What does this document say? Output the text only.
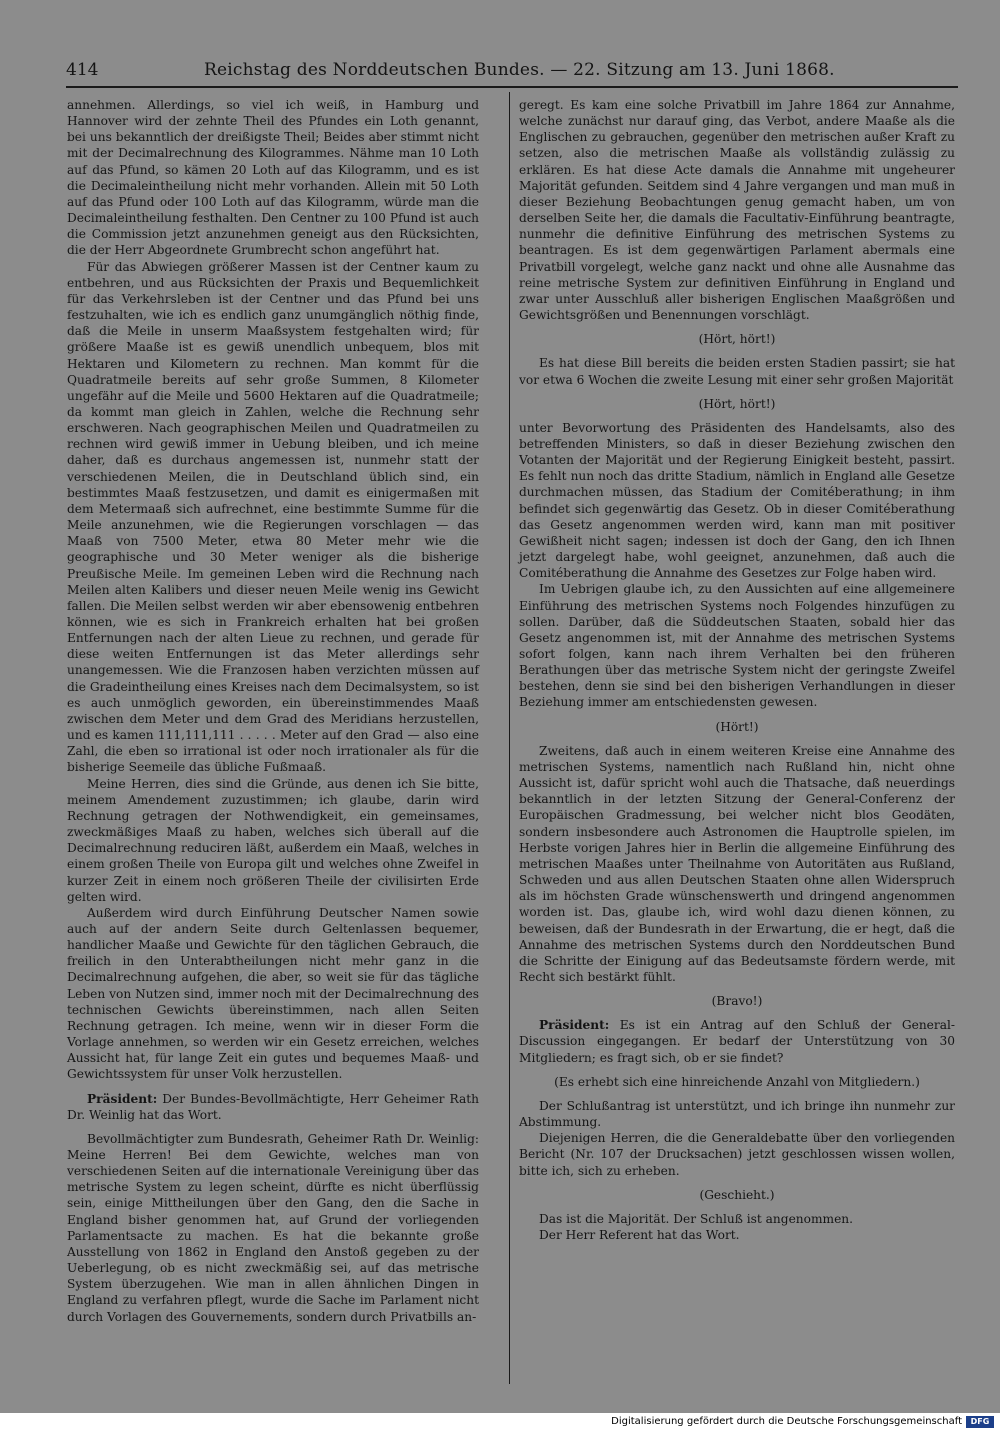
414	Reichstag des Norddeutschen Bundes. — 22. Sitzung am 13. Juni 1868.

annehmen. Allerdings, so viel ich weiß, in Hamburg und Hannover wird der zehnte Theil des Pfundes ein Loth genannt, bei uns bekanntlich der dreißigste Theil; Beides aber stimmt nicht mit der Decimalrechnung des Kilogrammes. Nähme man 10 Loth auf das Pfund, so kämen 20 Loth auf das Kilogramm, und es ist die Decimaleintheilung nicht mehr vorhanden. Allein mit 50 Loth auf das Pfund oder 100 Loth auf das Kilogramm, würde man die Decimaleintheilung festhalten. Den Centner zu 100 Pfund ist auch die Commission jetzt anzunehmen geneigt aus den Rücksichten, die der Herr Abgeordnete Grumbrecht schon angeführt hat.

Für das Abwiegen größerer Massen ist der Centner kaum zu entbehren, und aus Rücksichten der Praxis und Bequemlichkeit für das Verkehrsleben ist der Centner und das Pfund bei uns festzuhalten, wie ich es endlich ganz unumgänglich nöthig finde, daß die Meile in unserm Maaßsystem festgehalten wird; für größere Maaße ist es gewiß unendlich unbequem, blos mit Hektaren und Kilometern zu rechnen. Man kommt für die Quadratmeile bereits auf sehr große Summen, 8 Kilometer ungefähr auf die Meile und 5600 Hektaren auf die Quadratmeile; da kommt man gleich in Zahlen, welche die Rechnung sehr erschweren. Nach geographischen Meilen und Quadratmeilen zu rechnen wird gewiß immer in Uebung bleiben, und ich meine daher, daß es durchaus angemessen ist, nunmehr statt der verschiedenen Meilen, die in Deutschland üblich sind, ein bestimmtes Maaß festzusetzen, und damit es einigermaßen mit dem Metermaaß sich aufrechnet, eine bestimmte Summe für die Meile anzunehmen, wie die Regierungen vorschlagen — das Maaß von 7500 Meter, etwa 80 Meter mehr wie die geographische und 30 Meter weniger als die bisherige Preußische Meile. Im gemeinen Leben wird die Rechnung nach Meilen alten Kalibers und dieser neuen Meile wenig ins Gewicht fallen. Die Meilen selbst werden wir aber ebensowenig entbehren können, wie es sich in Frankreich erhalten hat bei großen Entfernungen nach der alten Lieue zu rechnen, und gerade für diese weiten Entfernungen ist das Meter allerdings sehr unangemessen. Wie die Franzosen haben verzichten müssen auf die Gradeintheilung eines Kreises nach dem Decimalsystem, so ist es auch unmöglich geworden, ein übereinstimmendes Maaß zwischen dem Meter und dem Grad des Meridians herzustellen, und es kamen 111,111,111 . . . . . Meter auf den Grad — also eine Zahl, die eben so irrational ist oder noch irrationaler als für die bisherige Seemeile das übliche Fußmaaß.

Meine Herren, dies sind die Gründe, aus denen ich Sie bitte, meinem Amendement zuzustimmen; ich glaube, darin wird Rechnung getragen der Nothwendigkeit, ein gemeinsames, zweckmäßiges Maaß zu haben, welches sich überall auf die Decimalrechnung reduciren läßt, außerdem ein Maaß, welches in einem großen Theile von Europa gilt und welches ohne Zweifel in kurzer Zeit in einem noch größeren Theile der civilisirten Erde gelten wird.

Außerdem wird durch Einführung Deutscher Namen sowie auch auf der andern Seite durch Geltenlassen bequemer, handlicher Maaße und Gewichte für den täglichen Gebrauch, die freilich in den Unterabtheilungen nicht mehr ganz in die Decimalrechnung aufgehen, die aber, so weit sie für das tägliche Leben von Nutzen sind, immer noch mit der Decimalrechnung des technischen Gewichts übereinstimmen, nach allen Seiten Rechnung getragen. Ich meine, wenn wir in dieser Form die Vorlage annehmen, so werden wir ein Gesetz erreichen, welches Aussicht hat, für lange Zeit ein gutes und bequemes Maaß- und Gewichtssystem für unser Volk herzustellen.

Präsident: Der Bundes-Bevollmächtigte, Herr Geheimer Rath Dr. Weinlig hat das Wort.

Bevollmächtigter zum Bundesrath, Geheimer Rath Dr. Weinlig: Meine Herren! Bei dem Gewichte, welches man von verschiedenen Seiten auf die internationale Vereinigung über das metrische System zu legen scheint, dürfte es nicht überflüssig sein, einige Mittheilungen über den Gang, den die Sache in England bisher genommen hat, auf Grund der vorliegenden Parlamentsacte zu machen. Es hat die bekannte große Ausstellung von 1862 in England den Anstoß gegeben zu der Ueberlegung, ob es nicht zweckmäßig sei, auf das metrische System überzugehen. Wie man in allen ähnlichen Dingen in England zu verfahren pflegt, wurde die Sache im Parlament nicht durch Vorlagen des Gouvernements, sondern durch Privatbills an-

geregt. Es kam eine solche Privatbill im Jahre 1864 zur Annahme, welche zunächst nur darauf ging, das Verbot, andere Maaße als die Englischen zu gebrauchen, gegenüber den metrischen außer Kraft zu setzen, also die metrischen Maaße als vollständig zulässig zu erklären. Es hat diese Acte damals die Annahme mit ungeheurer Majorität gefunden. Seitdem sind 4 Jahre vergangen und man muß in dieser Beziehung Beobachtungen genug gemacht haben, um von derselben Seite her, die damals die Facultativ-Einführung beantragte, nunmehr die definitive Einführung des metrischen Systems zu beantragen. Es ist dem gegenwärtigen Parlament abermals eine Privatbill vorgelegt, welche ganz nackt und ohne alle Ausnahme das reine metrische System zur definitiven Einführung in England und zwar unter Ausschluß aller bisherigen Englischen Maaßgrößen und Gewichtsgrößen und Benennungen vorschlägt.

(Hört, hört!)

Es hat diese Bill bereits die beiden ersten Stadien passirt; sie hat vor etwa 6 Wochen die zweite Lesung mit einer sehr großen Majorität

(Hört, hört!)

unter Bevorwortung des Präsidenten des Handelsamts, also des betreffenden Ministers, so daß in dieser Beziehung zwischen den Votanten der Majorität und der Regierung Einigkeit besteht, passirt. Es fehlt nun noch das dritte Stadium, nämlich in England alle Gesetze durchmachen müssen, das Stadium der Comitéberathung; in ihm befindet sich gegenwärtig das Gesetz. Ob in dieser Comitéberathung das Gesetz angenommen werden wird, kann man mit positiver Gewißheit nicht sagen; indessen ist doch der Gang, den ich Ihnen jetzt dargelegt habe, wohl geeignet, anzunehmen, daß auch die Comitéberathung die Annahme des Gesetzes zur Folge haben wird.

Im Uebrigen glaube ich, zu den Aussichten auf eine allgemeinere Einführung des metrischen Systems noch Folgendes hinzufügen zu sollen. Darüber, daß die Süddeutschen Staaten, sobald hier das Gesetz angenommen ist, mit der Annahme des metrischen Systems sofort folgen, kann nach ihrem Verhalten bei den früheren Berathungen über das metrische System nicht der geringste Zweifel bestehen, denn sie sind bei den bisherigen Verhandlungen in dieser Beziehung immer am entschiedensten gewesen.

(Hört!)

Zweitens, daß auch in einem weiteren Kreise eine Annahme des metrischen Systems, namentlich nach Rußland hin, nicht ohne Aussicht ist, dafür spricht wohl auch die Thatsache, daß neuerdings bekanntlich in der letzten Sitzung der General-Conferenz der Europäischen Gradmessung, bei welcher nicht blos Geodäten, sondern insbesondere auch Astronomen die Hauptrolle spielen, im Herbste vorigen Jahres hier in Berlin die allgemeine Einführung des metrischen Maaßes unter Theilnahme von Autoritäten aus Rußland, Schweden und aus allen Deutschen Staaten ohne allen Widerspruch als im höchsten Grade wünschenswerth und dringend angenommen worden ist. Das, glaube ich, wird wohl dazu dienen können, zu beweisen, daß der Bundesrath in der Erwartung, die er hegt, daß die Annahme des metrischen Systems durch den Norddeutschen Bund die Schritte der Einigung auf das Bedeutsamste fördern werde, mit Recht sich bestärkt fühlt.

(Bravo!)

Präsident: Es ist ein Antrag auf den Schluß der General-Discussion eingegangen. Er bedarf der Unterstützung von 30 Mitgliedern; es fragt sich, ob er sie findet?

(Es erhebt sich eine hinreichende Anzahl von Mitgliedern.)

Der Schlußantrag ist unterstützt, und ich bringe ihn nunmehr zur Abstimmung.

Diejenigen Herren, die die Generaldebatte über den vorliegenden Bericht (Nr. 107 der Drucksachen) jetzt geschlossen wissen wollen, bitte ich, sich zu erheben.

(Geschieht.)

Das ist die Majorität. Der Schluß ist angenommen.

Der Herr Referent hat das Wort.

Digitalisierung gefördert durch die Deutsche Forschungsgemeinschaft	DFG
